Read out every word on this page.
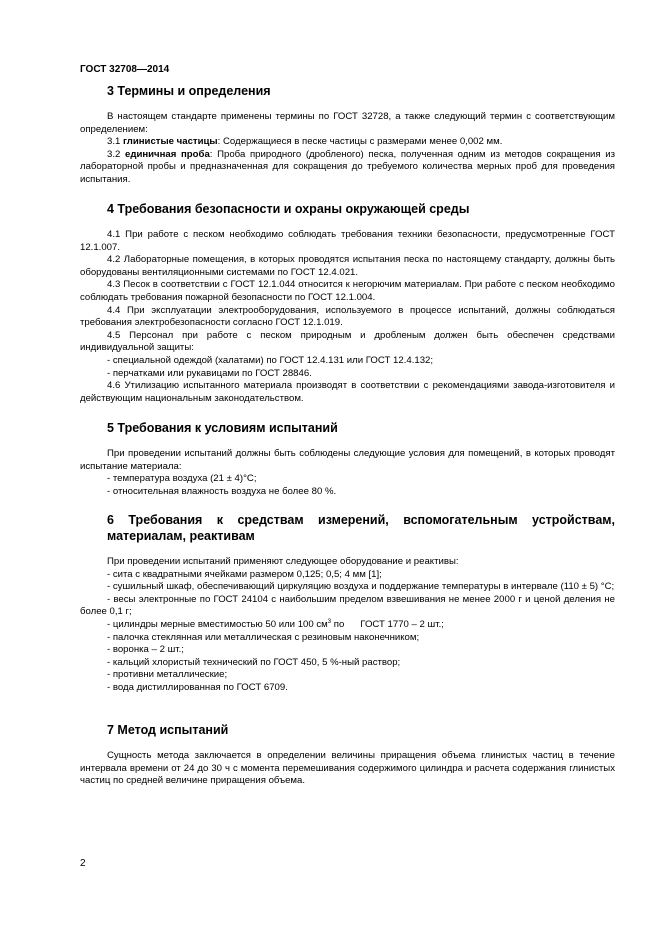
ГОСТ 32708—2014
3 Термины и определения

В настоящем стандарте применены термины по ГОСТ 32728, а также следующий термин с соответствующим определением:

3.1 глинистые частицы: Содержащиеся в песке частицы с размерами менее 0,002 мм.

3.2 единичная проба: Проба природного (дробленого) песка, полученная одним из методов сокращения из лабораторной пробы и предназначенная для сокращения до требуемого количества мерных проб для проведения испытания.

4 Требования безопасности и охраны окружающей среды

4.1 При работе с песком необходимо соблюдать требования техники безопасности, предусмотренные ГОСТ 12.1.007.

4.2 Лабораторные помещения, в которых проводятся испытания песка по настоящему стандарту, должны быть оборудованы вентиляционными системами по ГОСТ 12.4.021.

4.3 Песок в соответствии с ГОСТ 12.1.044 относится к негорючим материалам. При работе с песком необходимо соблюдать требования пожарной безопасности по ГОСТ 12.1.004.

4.4 При эксплуатации электрооборудования, используемого в процессе испытаний, должны соблюдаться требования электробезопасности согласно ГОСТ 12.1.019.

4.5 Персонал при работе с песком природным и дробленым должен быть обеспечен средствами индивидуальной защиты:

- специальной одеждой (халатами) по ГОСТ 12.4.131 или ГОСТ 12.4.132;

- перчатками или рукавицами по ГОСТ 28846.

4.6 Утилизацию испытанного материала производят в соответствии с рекомендациями завода-изготовителя и действующим национальным законодательством.

5 Требования к условиям испытаний

При проведении испытаний должны быть соблюдены следующие условия для помещений, в которых проводят испытание материала:

- температура воздуха (21 ± 4)°С;

- относительная влажность воздуха не более 80 %.

6 Требования к средствам измерений, вспомогательным устройствам, материалам, реактивам

При проведении испытаний применяют следующее оборудование и реактивы:

- сита с квадратными ячейками размером 0,125; 0,5; 4 мм [1];

- сушильный шкаф, обеспечивающий циркуляцию воздуха и поддержание температуры в интервале (110 ± 5) °С;

- весы электронные по ГОСТ 24104 с наибольшим пределом взвешивания не менее 2000 г и ценой деления не более 0,1 г;

- цилиндры мерные вместимостью 50 или 100 $см^3$ по      ГОСТ 1770 – 2 шт.;

- палочка стеклянная или металлическая с резиновым наконечником;

- воронка – 2 шт.;

- кальций хлористый технический по ГОСТ 450, 5 %-ный раствор;

- противни металлические;

- вода дистиллированная по ГОСТ 6709.

7 Метод испытаний

Сущность метода заключается в определении величины приращения объема глинистых частиц в течение интервала времени от 24 до 30 ч с момента перемешивания содержимого цилиндра и расчета содержания глинистых частиц по средней величине приращения объема.

2
